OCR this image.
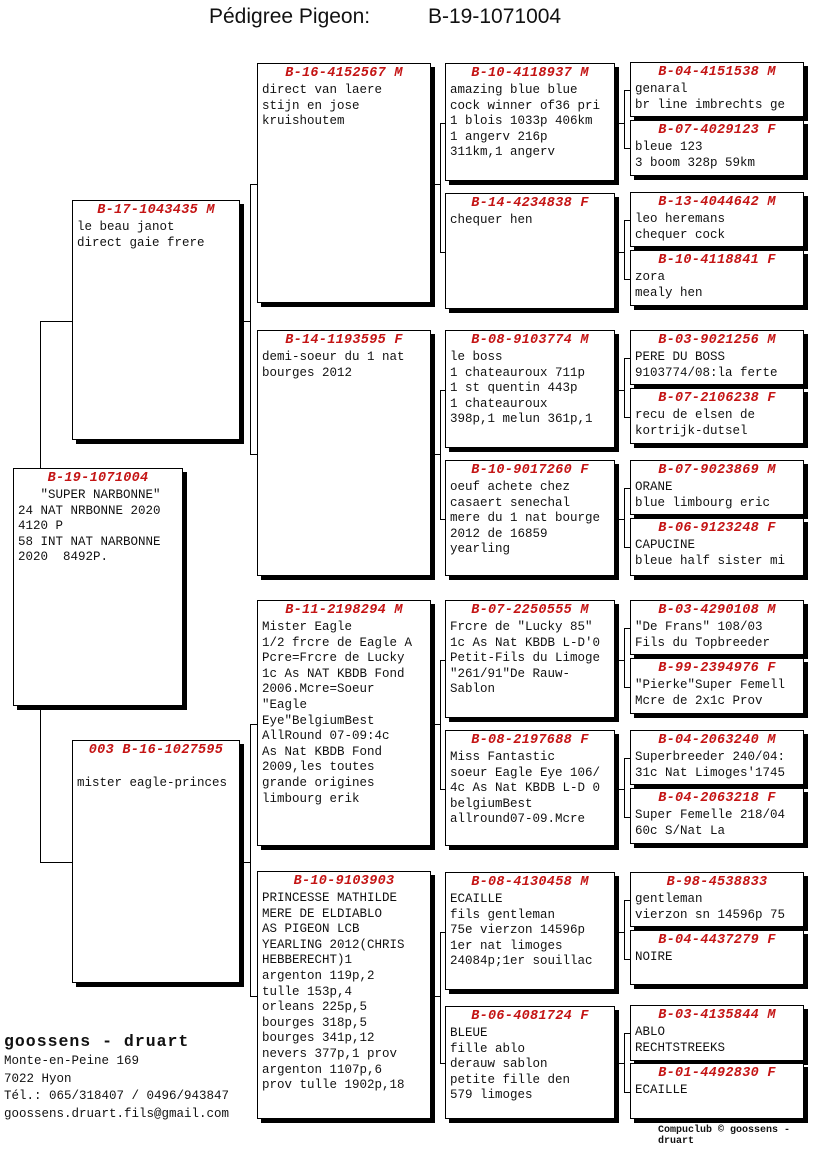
Pédigree Pigeon:	B-19-1071004
B-19-1071004
"SUPER NARBONNE"
24 NAT NRBONNE 2020
4120 P
58 INT NAT NARBONNE
2020  8492P.
B-17-1043435 M
le beau janot
direct gaie frere
003 B-16-1027595

mister eagle-princes
B-16-4152567 M
direct van laere
stijn en jose
kruishoutem
B-14-1193595 F
demi-soeur du 1 nat
bourges 2012
B-11-2198294 M
Mister Eagle
1/2 frcre de Eagle A
Pcre=Frcre de Lucky
1c As NAT KBDB Fond
2006.Mcre=Soeur
"Eagle
Eye"BelgiumBest
AllRound 07-09:4c
As Nat KBDB Fond
2009,les toutes
grande origines
limbourg erik
B-10-9103903
PRINCESSE MATHILDE
MERE DE ELDIABLO
AS PIGEON LCB
YEARLING 2012(CHRIS
HEBBERECHT)1
argenton 119p,2
tulle 153p,4
orleans 225p,5
bourges 318p,5
bourges 341p,12
nevers 377p,1 prov
argenton 1107p,6
prov tulle 1902p,18
B-10-4118937 M
amazing blue blue
cock winner of36 pri
1 blois 1033p 406km
1 angerv 216p
311km,1 angerv
B-14-4234838 F
chequer hen
B-08-9103774 M
le boss
1 chateauroux 711p
1 st quentin 443p
1 chateauroux
398p,1 melun 361p,1
B-10-9017260 F
oeuf achete chez
casaert senechal
mere du 1 nat bourge
2012 de 16859
yearling
B-07-2250555 M
Frcre de "Lucky 85"
1c As Nat KBDB L-D'0
Petit-Fils du Limoge
"261/91"De Rauw-
Sablon
B-08-2197688 F
Miss Fantastic
soeur Eagle Eye 106/
4c As Nat KBDB L-D 0
belgiumBest
allround07-09.Mcre
B-08-4130458 M
ECAILLE
fils gentleman
75e vierzon 14596p
1er nat limoges
24084p;1er souillac
B-06-4081724 F
BLEUE
fille ablo
derauw sablon
petite fille den
579 limoges
B-04-4151538 M
genaral
br line imbrechts ge
B-07-4029123 F
bleue 123
3 boom 328p 59km
B-13-4044642 M
leo heremans
chequer cock
B-10-4118841 F
zora
mealy hen
B-03-9021256 M
PERE DU BOSS
9103774/08:la ferte
B-07-2106238 F
recu de elsen de
kortrijk-dutsel
B-07-9023869 M
ORANE
blue limbourg eric
B-06-9123248 F
CAPUCINE
bleue half sister mi
B-03-4290108 M
"De Frans" 108/03
Fils du Topbreeder
B-99-2394976 F
"Pierke"Super Femell
Mcre de 2x1c Prov
B-04-2063240 M
Superbreeder 240/04:
31c Nat Limoges'1745
B-04-2063218 F
Super Femelle 218/04
60c S/Nat La
B-98-4538833
gentleman
vierzon sn 14596p 75
B-04-4437279 F
NOIRE
B-03-4135844 M
ABLO
RECHTSTREEKS
B-01-4492830 F
ECAILLE
goossens - druart
Monte-en-Peine 169
7022 Hyon
Tél.: 065/318407 / 0496/943847
goossens.druart.fils@gmail.com
Compuclub © goossens - druart
